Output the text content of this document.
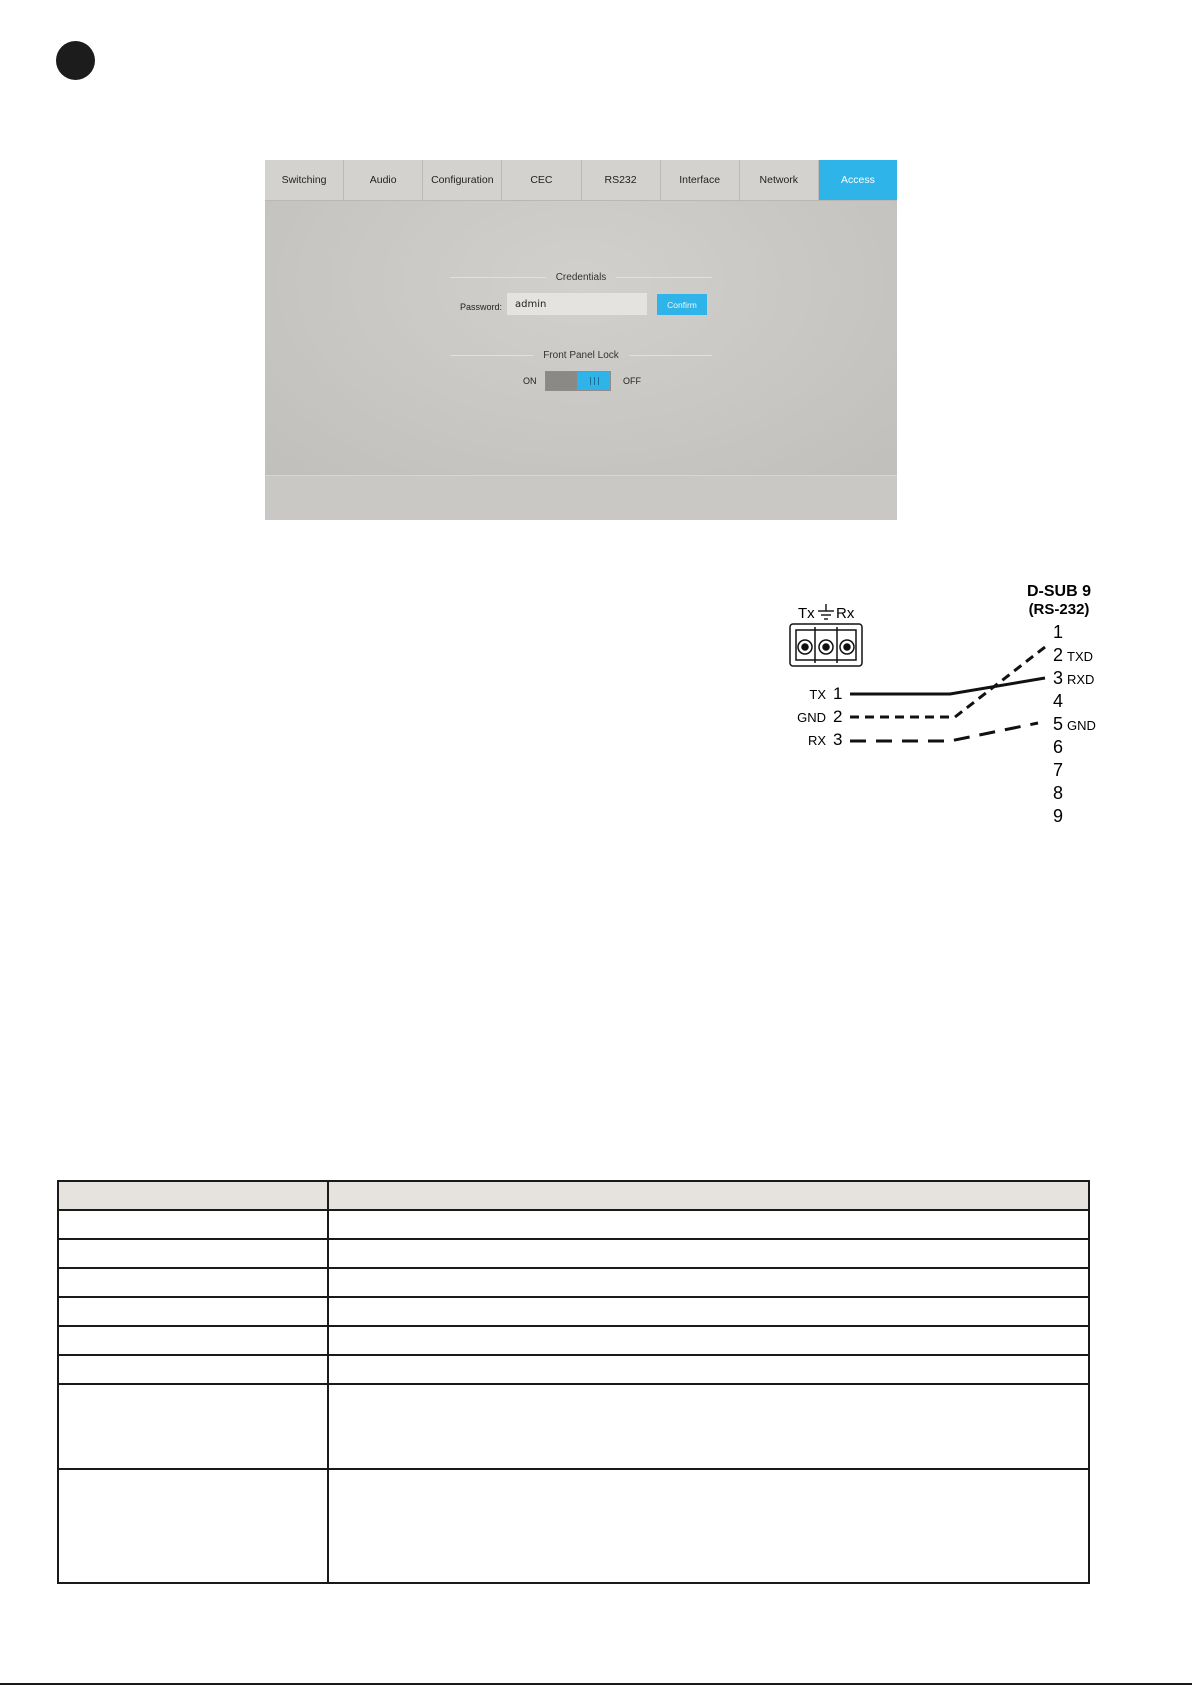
Switching	Audio	Configuration	CEC	RS232	Interface	Network	Access
Credentials
Password:
admin	Confirm
Front Panel Lock
ON	OFF
Tx Rx
TX 1
GND 2
RX 3
D-SUB 9
(RS-232)
1
2 TXD
3 RXD
4
5 GND
6
7
8
9
